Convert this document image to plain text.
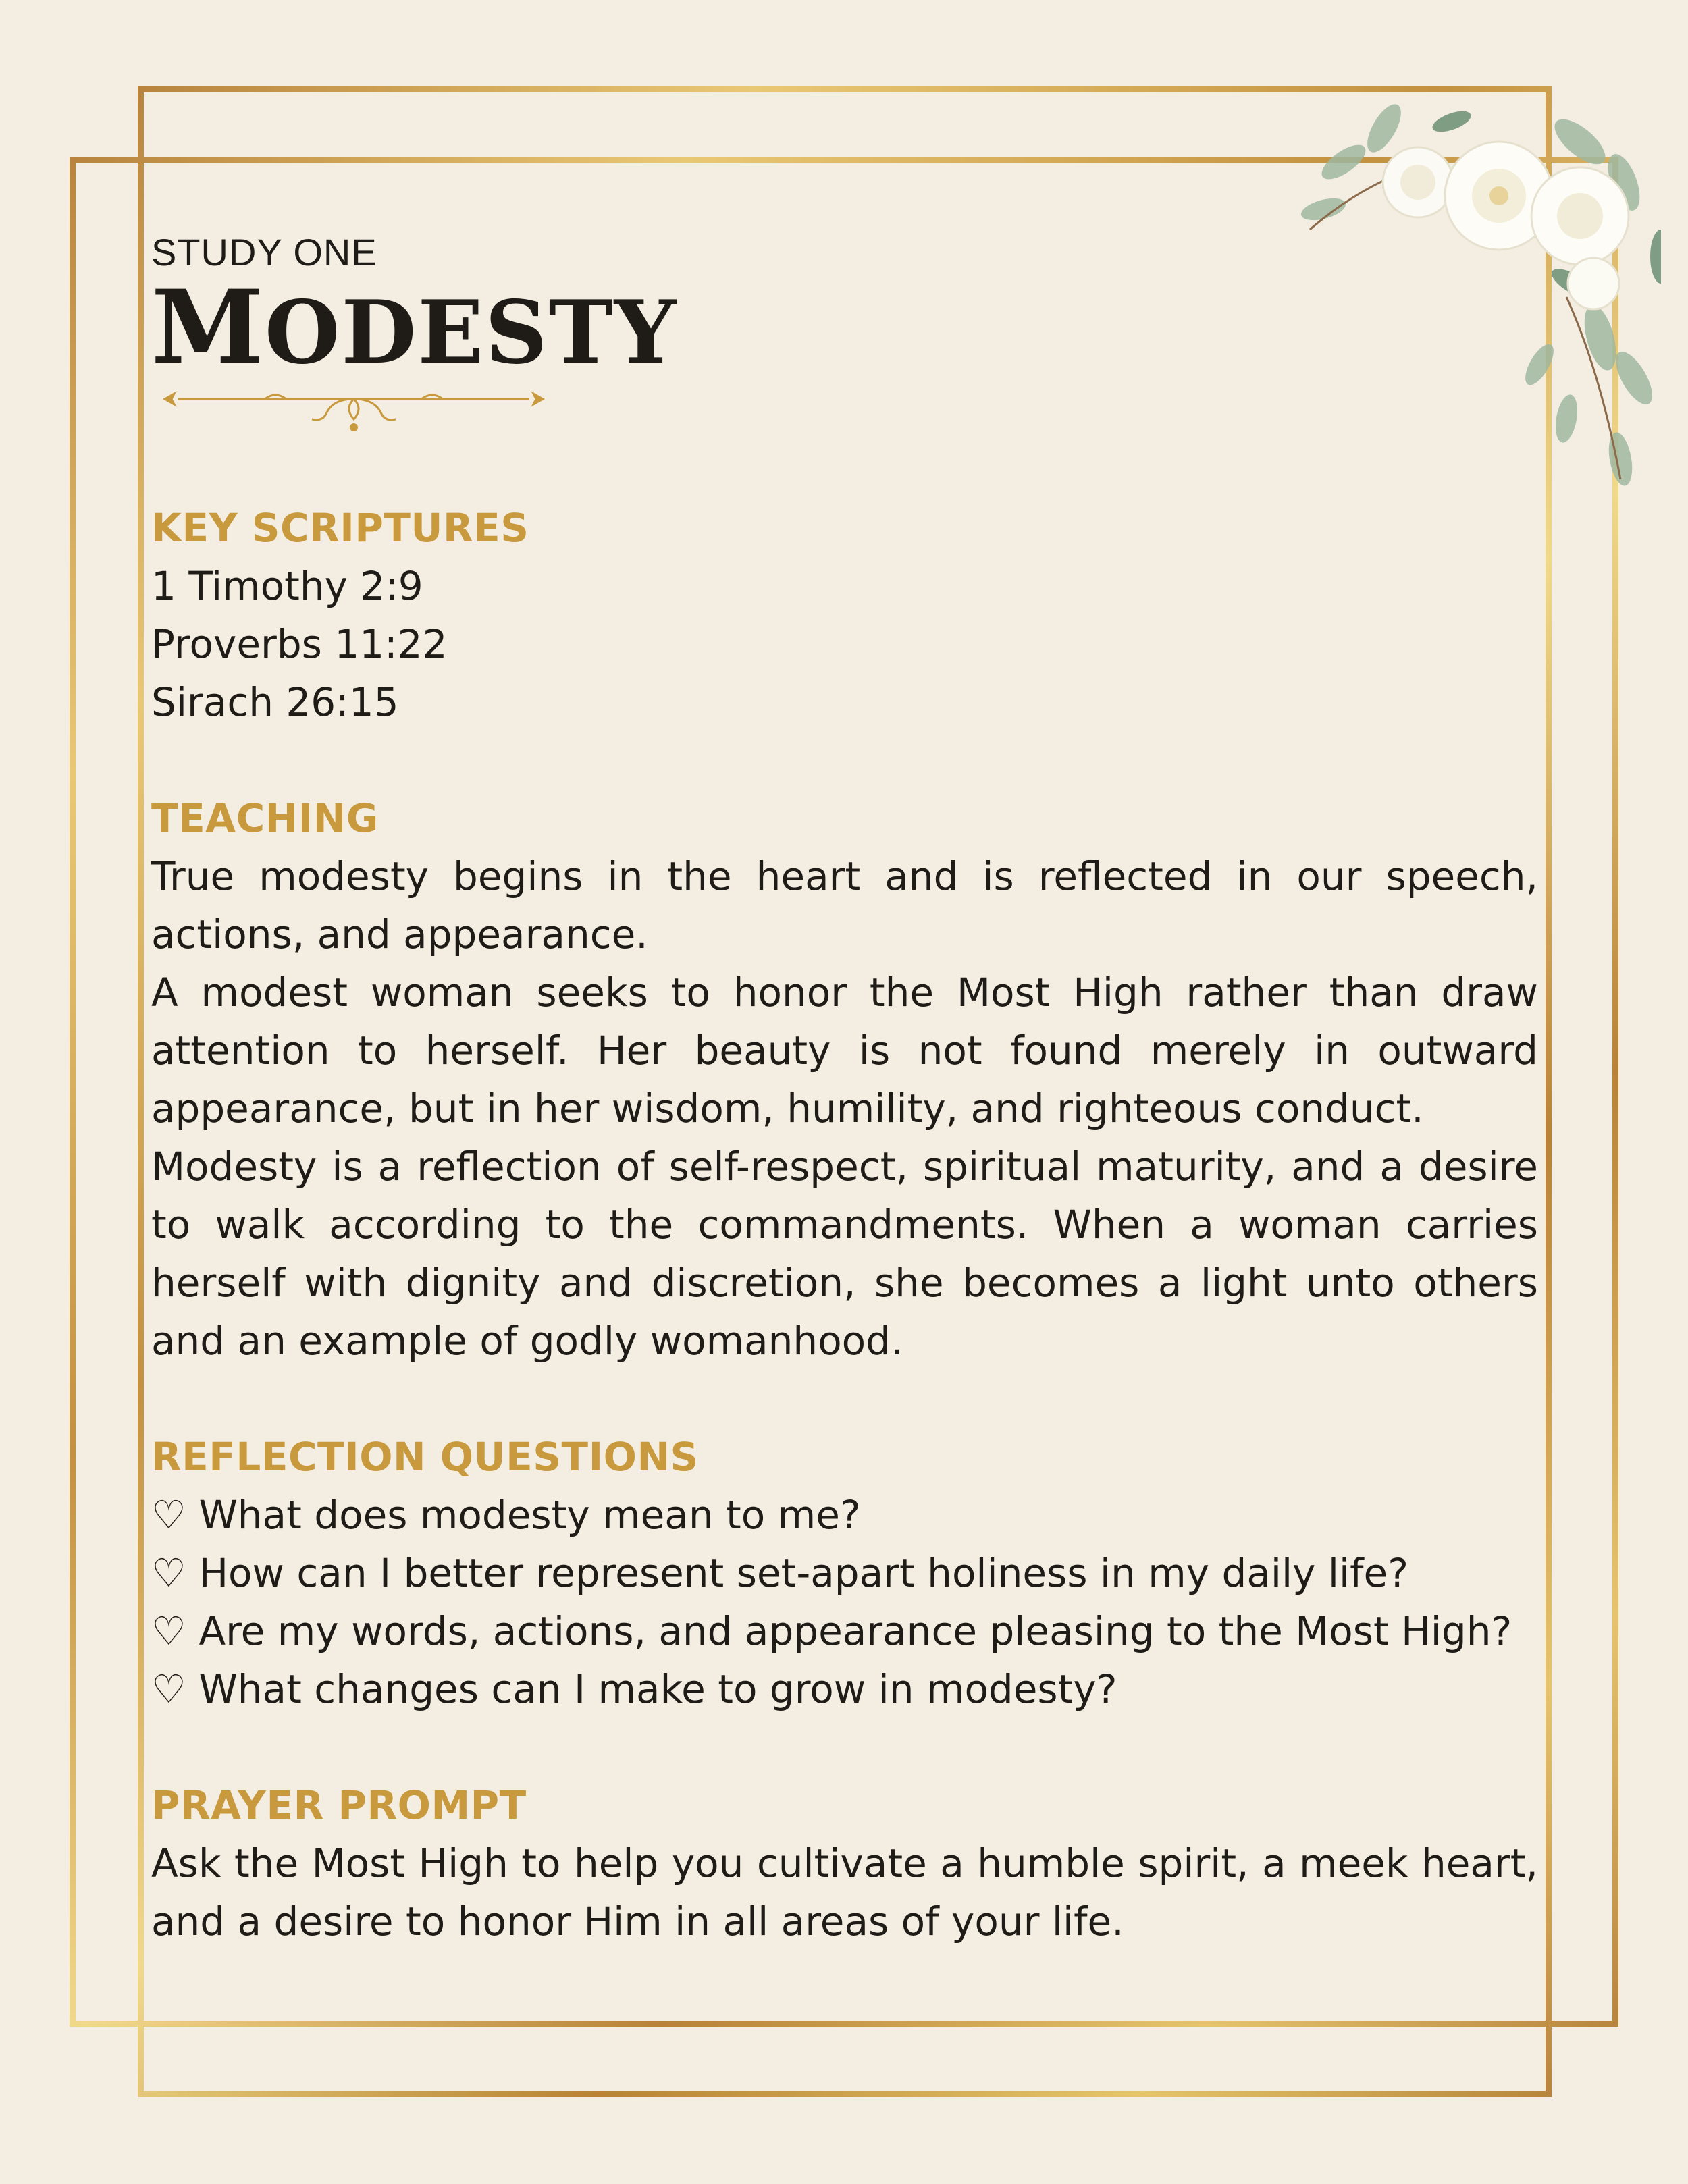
STUDY ONE

MODESTY

KEY SCRIPTURES

1 Timothy 2:9

Proverbs 11:22

Sirach 26:15

TEACHING

True modesty begins in the heart and is reflected in our speech, actions, and appearance.

A modest woman seeks to honor the Most High rather than draw attention to herself. Her beauty is not found merely in outward appearance, but in her wisdom, humility, and righteous conduct.

Modesty is a reflection of self-respect, spiritual maturity, and a desire to walk according to the commandments. When a woman carries herself with dignity and discretion, she becomes a light unto others and an example of godly womanhood.

REFLECTION QUESTIONS

♡ What does modesty mean to me?

♡ How can I better represent set-apart holiness in my daily life?

♡ Are my words, actions, and appearance pleasing to the Most High?

♡ What changes can I make to grow in modesty?

PRAYER PROMPT

Ask the Most High to help you cultivate a humble spirit, a meek heart, and a desire to honor Him in all areas of your life.
